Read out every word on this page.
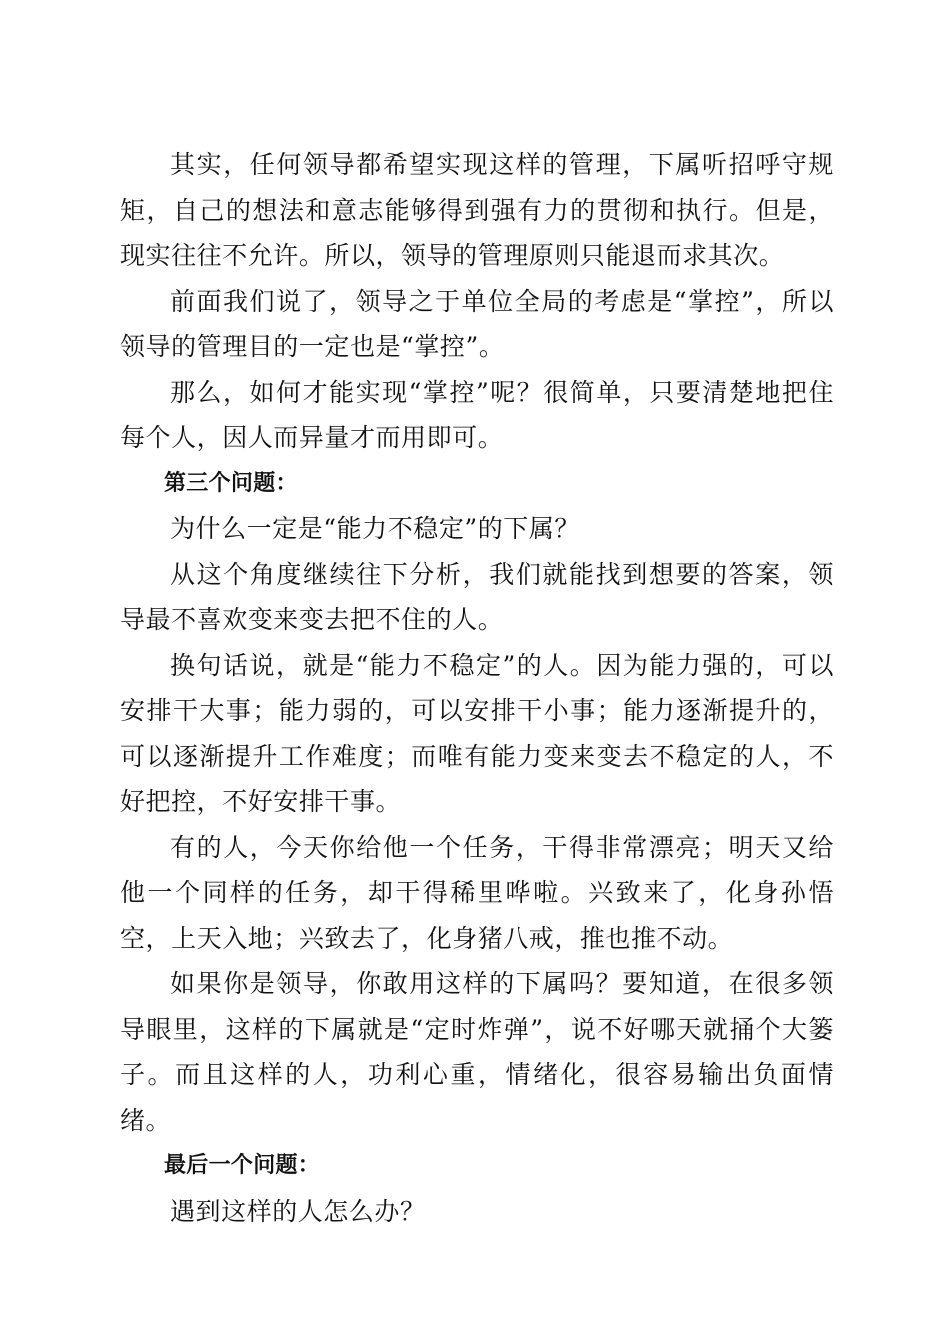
其实，任何领导都希望实现这样的管理，下属听招呼守规矩，自己的想法和意志能够得到强有力的贯彻和执行。但是，现实往往不允许。所以，领导的管理原则只能退而求其次。

前面我们说了，领导之于单位全局的考虑是“掌控”，所以领导的管理目的一定也是“掌控”。

那么，如何才能实现“掌控”呢？很简单，只要清楚地把住每个人，因人而异量才而用即可。

第三个问题：

为什么一定是“能力不稳定”的下属？

从这个角度继续往下分析，我们就能找到想要的答案，领导最不喜欢变来变去把不住的人。

换句话说，就是“能力不稳定”的人。因为能力强的，可以安排干大事；能力弱的，可以安排干小事；能力逐渐提升的，可以逐渐提升工作难度；而唯有能力变来变去不稳定的人，不好把控，不好安排干事。

有的人，今天你给他一个任务，干得非常漂亮；明天又给他一个同样的任务，却干得稀里哗啦。兴致来了，化身孙悟空，上天入地；兴致去了，化身猪八戒，推也推不动。

如果你是领导，你敢用这样的下属吗？要知道，在很多领导眼里，这样的下属就是“定时炸弹”，说不好哪天就捅个大篓子。而且这样的人，功利心重，情绪化，很容易输出负面情绪。

最后一个问题：

遇到这样的人怎么办？
